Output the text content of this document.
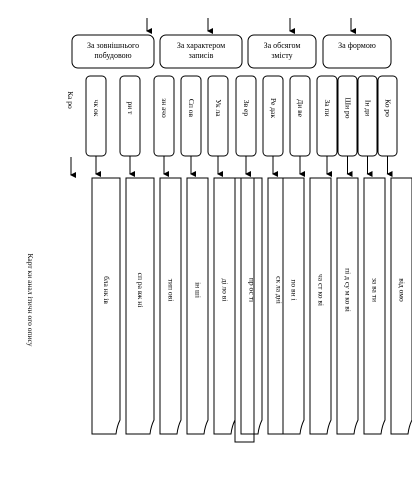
За зовнішнього побудовою
За характером записів
За обсягом змісту
За формою
Ка ро
Карт ки анал ітичн ого опису
чк ок	ри т	зн ачо Сп ов Ук ла	Зв ер Ре дак Ди ве За пи Ши ро Ін ди Ко ро
бла нк ів	сп ра вж ні	тип ові ін ші ді ло ві пр ос ті ск ла дні по вн і ча ст ко ві пі д су м ко ві за ва ти від омо
